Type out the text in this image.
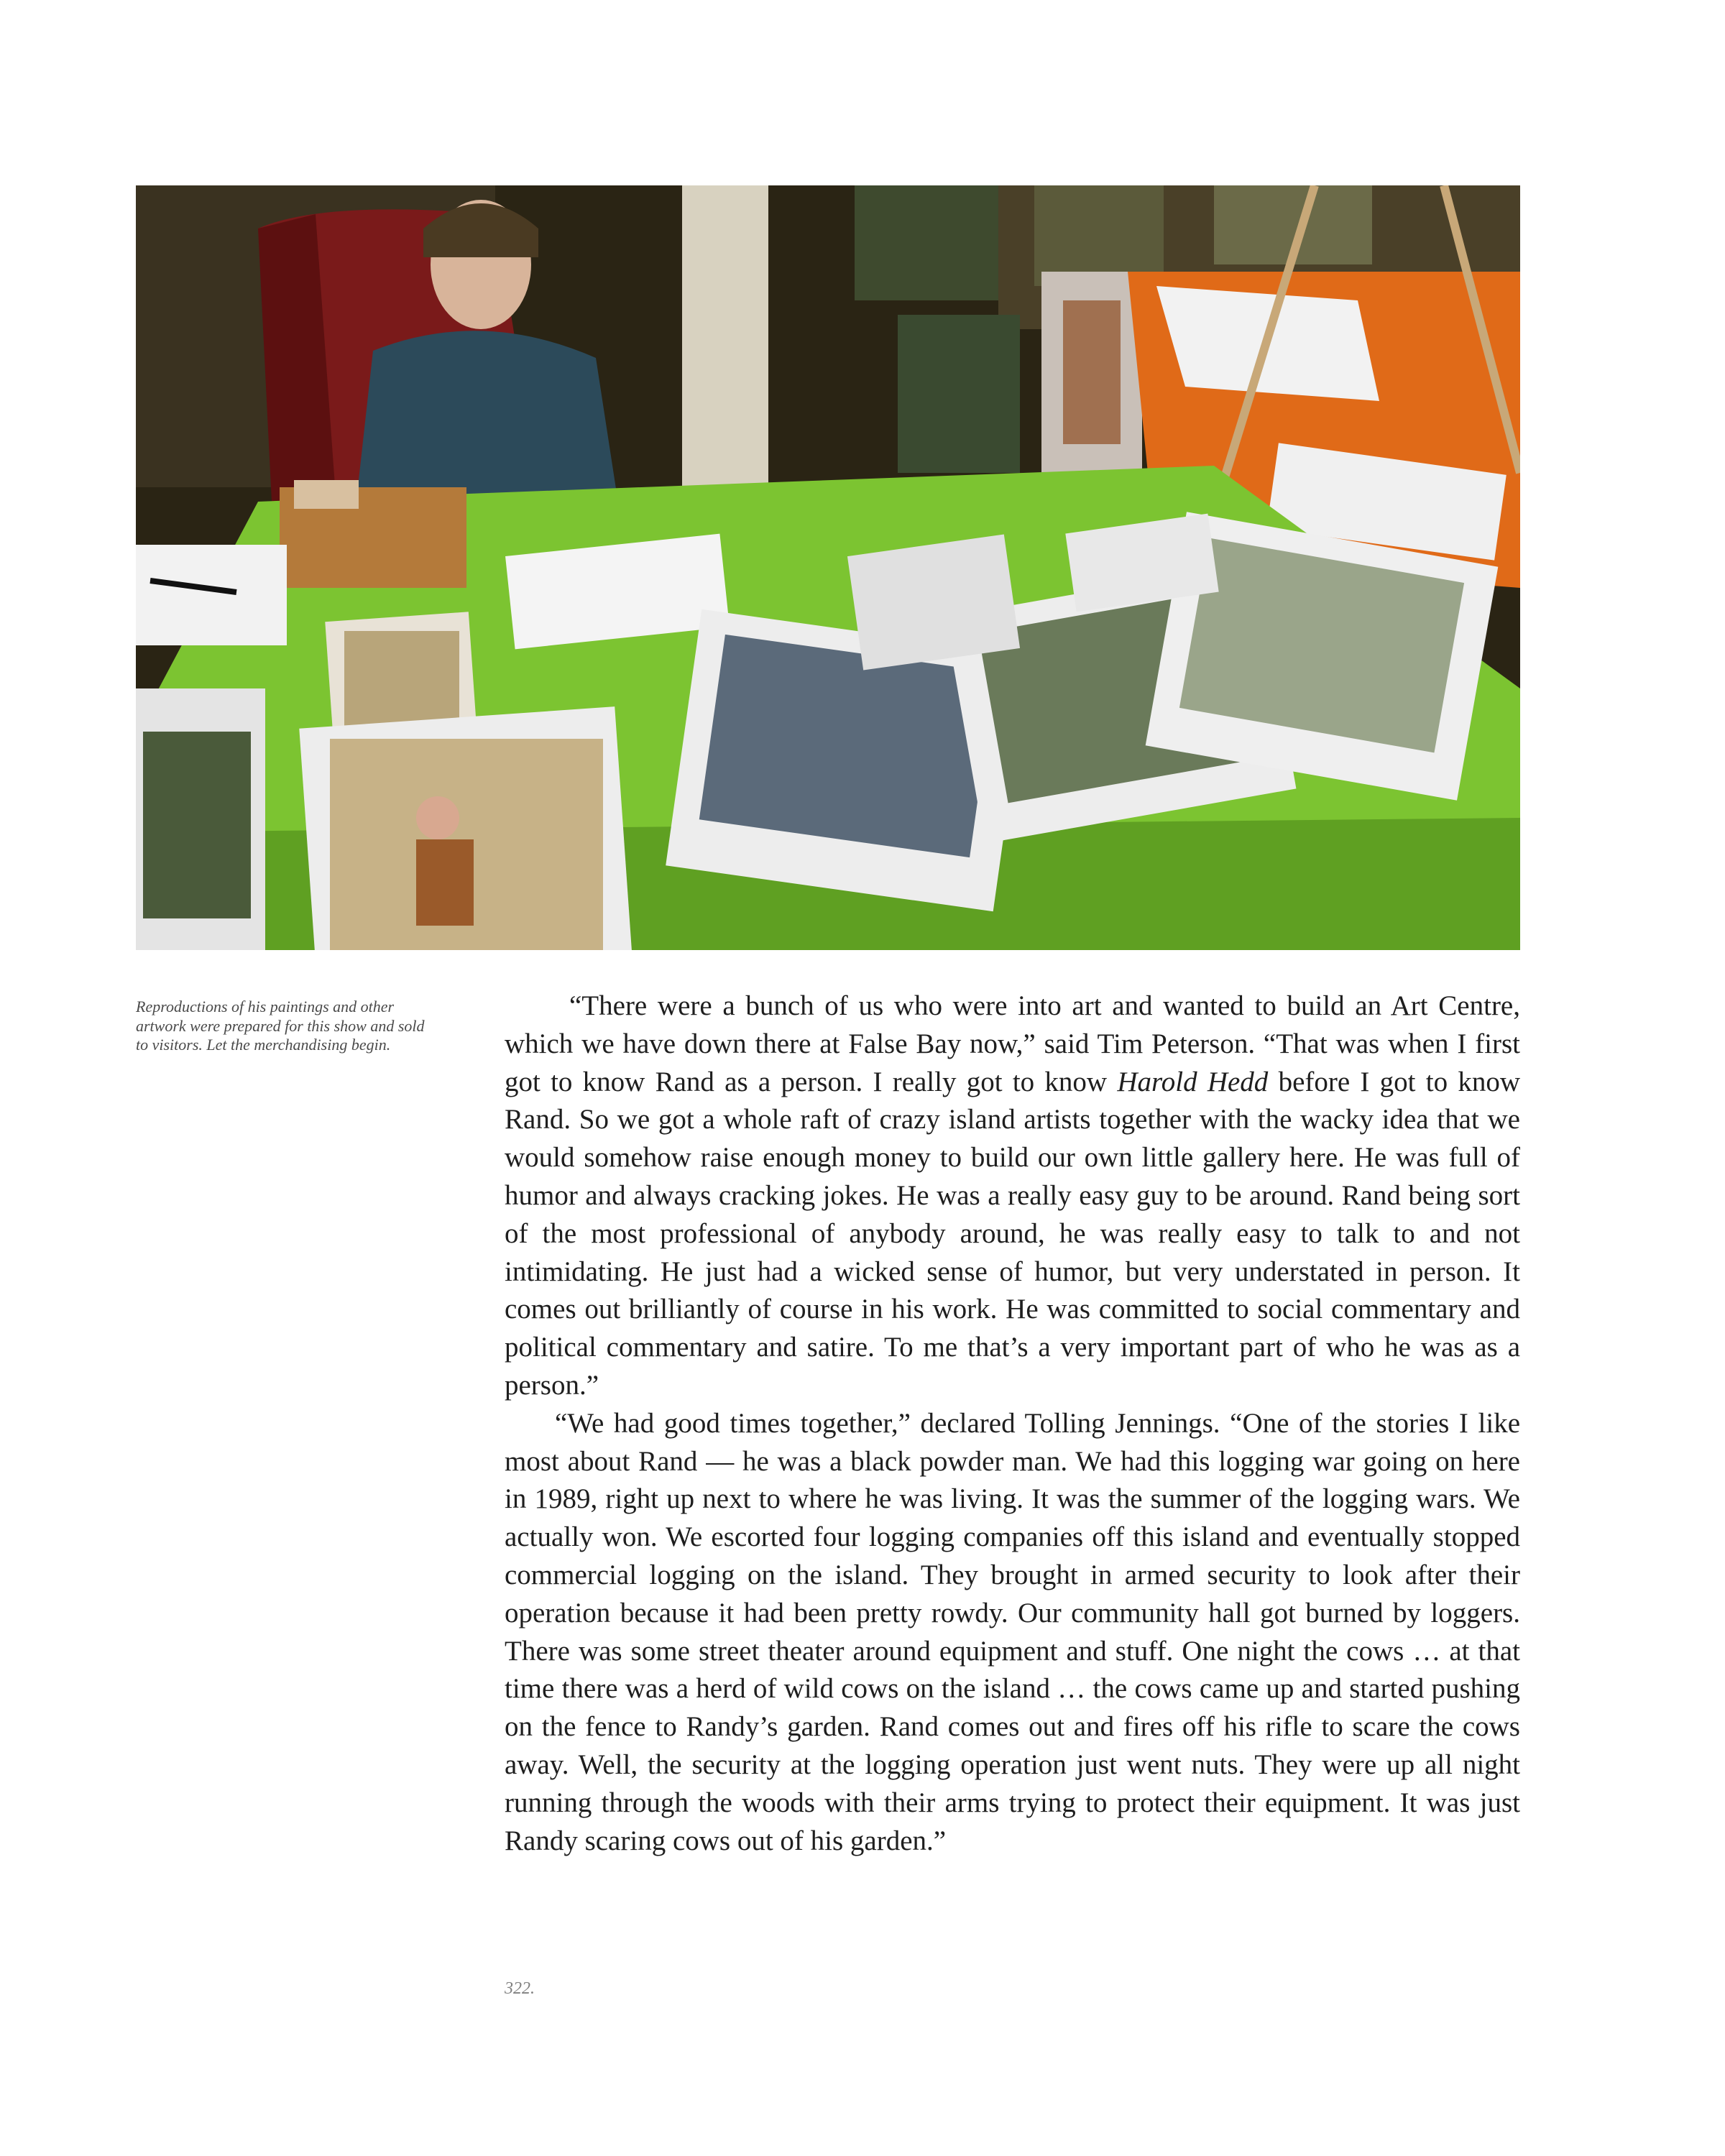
Reproductions of his paintings and other artwork were prepared for this show and sold to visitors. Let the merchandising begin.

“There were a bunch of us who were into art and wanted to build an Art Centre, which we have down there at False Bay now,” said Tim Peterson. “That was when I first got to know Rand as a person. I really got to know Harold Hedd before I got to know Rand. So we got a whole raft of crazy island artists together with the wacky idea that we would somehow raise enough money to build our own little gallery here. He was full of humor and always cracking jokes. He was a really easy guy to be around. Rand being sort of the most professional of anybody around, he was really easy to talk to and not intimidating. He just had a wicked sense of humor, but very understated in person. It comes out brilliantly of course in his work. He was committed to social commentary and political commentary and satire. To me that’s a very important part of who he was as a person.”

“We had good times together,” declared Tolling Jennings. “One of the stories I like most about Rand — he was a black powder man. We had this logging war going on here in 1989, right up next to where he was living. It was the summer of the logging wars. We actually won. We escorted four logging companies off this island and eventually stopped commercial logging on the island. They brought in armed security to look after their operation because it had been pretty rowdy. Our community hall got burned by loggers. There was some street theater around equipment and stuff. One night the cows … at that time there was a herd of wild cows on the island … the cows came up and started pushing on the fence to Randy’s garden. Rand comes out and fires off his rifle to scare the cows away. Well, the security at the logging operation just went nuts. They were up all night running through the woods with their arms trying to protect their equipment. It was just Randy scaring cows out of his garden.”

322.
